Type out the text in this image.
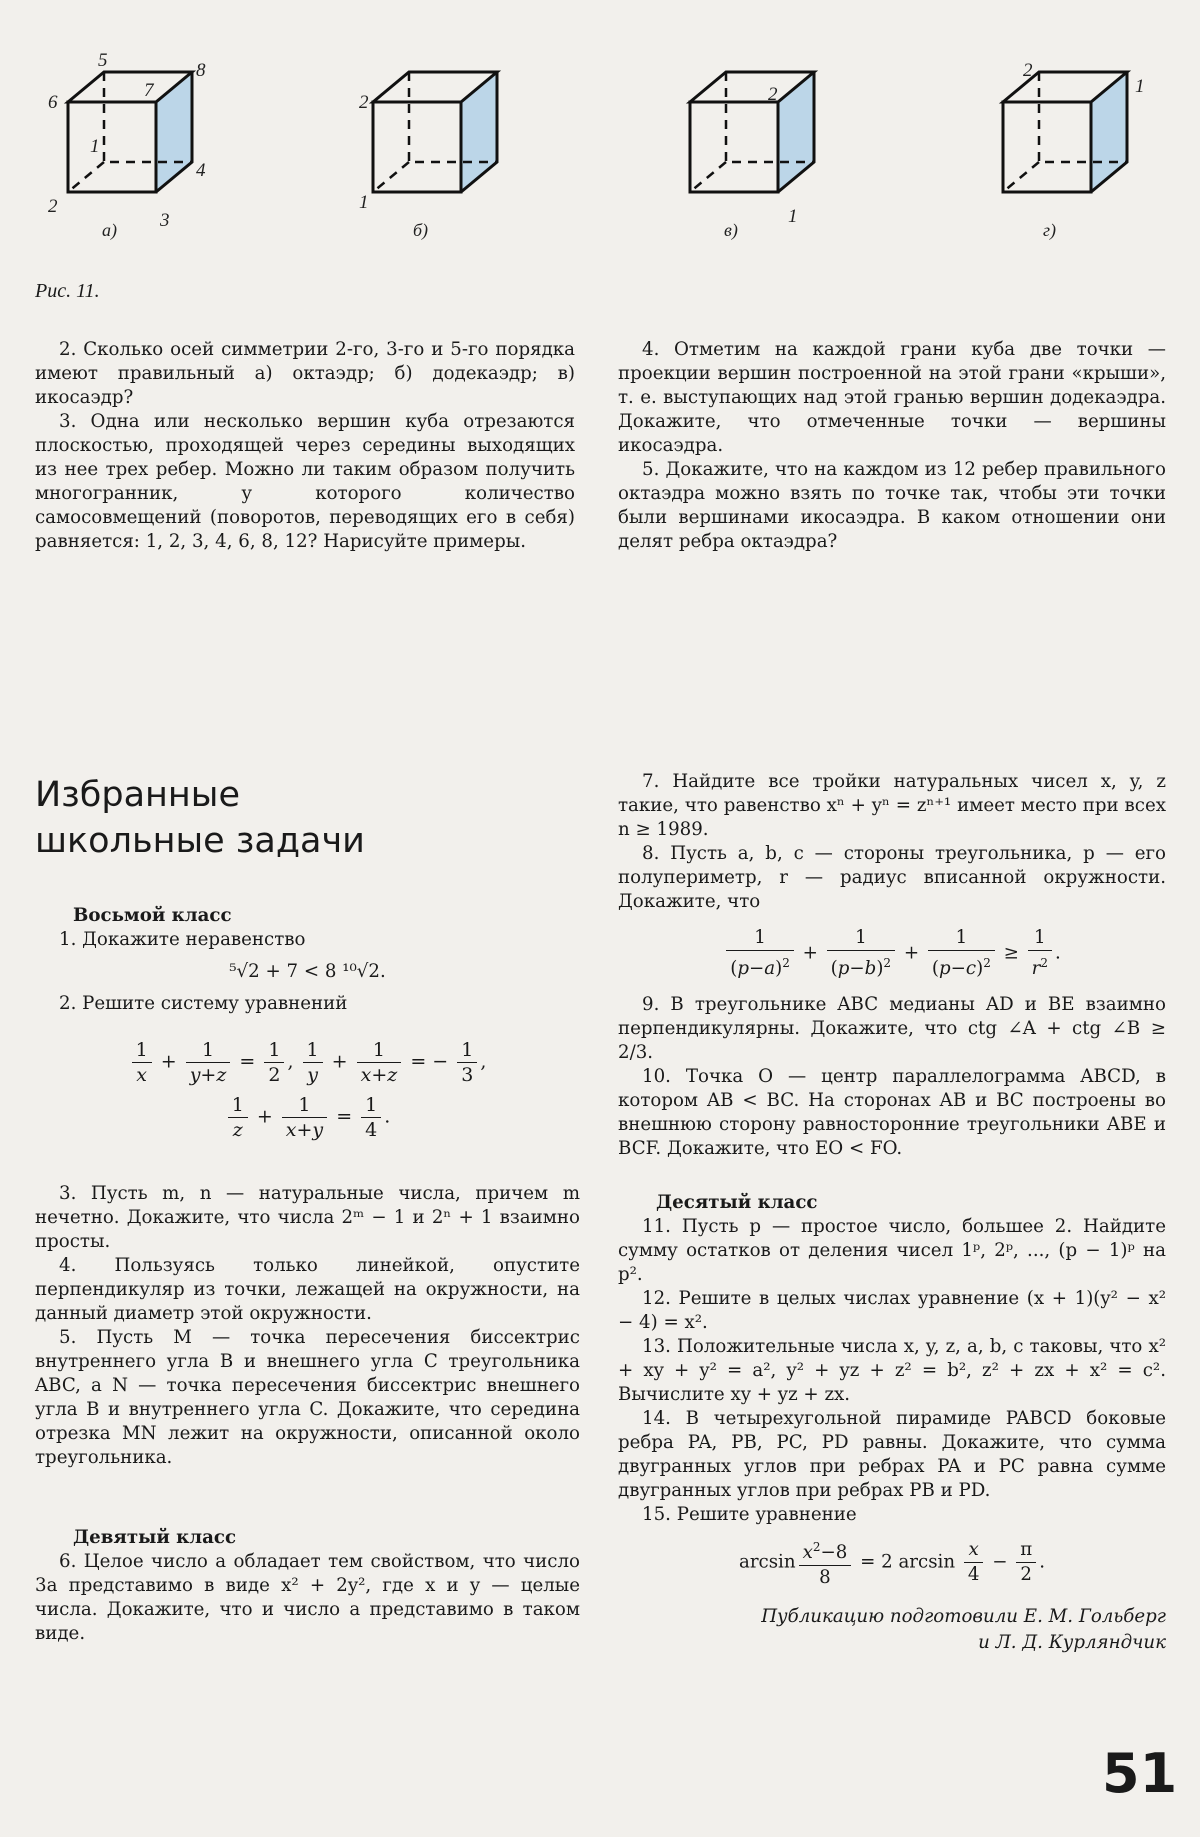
5	8
6
7
1
2
4
3
а)
2
1
б)
2
1
в)
2
1
г)
Рис. 11.

2. Сколько осей симметрии 2-го, 3-го и 5-го порядка имеют правильный а) октаэдр; б) додекаэдр; в) икосаэдр?

3. Одна или несколько вершин куба отрезаются плоскостью, проходящей через середины выходящих из нее трех ребер. Можно ли таким образом получить многогранник, у которого количество самосовмещений (поворотов, переводящих его в себя) равняется: 1, 2, 3, 4, 6, 8, 12? Нарисуйте примеры.

4. Отметим на каждой грани куба две точки — проекции вершин построенной на этой грани «крыши», т. е. выступающих над этой гранью вершин додекаэдра. Докажите, что отмеченные точки — вершины икосаэдра.

5. Докажите, что на каждом из 12 ребер правильного октаэдра можно взять по точке так, чтобы эти точки были вершинами икосаэдра. В каком отношении они делят ребра октаэдра?

Избранные
школьные задачи
Восьмой класс

1. Докажите неравенство

⁵√2 + 7 < 8 ¹⁰√2.

2. Решите систему уравнений

$\frac{1}{x} + \frac{1}{y+z} = \frac{1}{2}$ , $\frac{1}{y} + \frac{1}{x+z}$ = − $\frac{1}{3}$ ,
$\frac{1}{z} + \frac{1}{x+y} = \frac{1}{4}$ .

3. Пусть m, n — натуральные числа, причем m нечетно. Докажите, что числа 2ᵐ − 1 и 2ⁿ + 1 взаимно просты.

4. Пользуясь только линейкой, опустите перпендикуляр из точки, лежащей на окружности, на данный диаметр этой окружности.

5. Пусть M — точка пересечения биссектрис внутреннего угла B и внешнего угла C треугольника ABC, а N — точка пересечения биссектрис внешнего угла B и внутреннего угла C. Докажите, что середина отрезка MN лежит на окружности, описанной около треугольника.

Девятый класс

6. Целое число a обладает тем свойством, что число 3a представимо в виде x² + 2y², где x и y — целые числа. Докажите, что и число a представимо в таком виде.

7. Найдите все тройки натуральных чисел x, y, z такие, что равенство xⁿ + yⁿ = zⁿ⁺¹ имеет место при всех n ≥ 1989.

8. Пусть a, b, c — стороны треугольника, p — его полупериметр, r — радиус вписанной окружности. Докажите, что

$\frac{1}{(p-a)^2} + \frac{1}{(p-b)^2} + \frac{1}{(p-c)^2} \ge \frac{1}{r^2}$ .

9. В треугольнике ABC медианы AD и BE взаимно перпендикулярны. Докажите, что ctg ∠A + ctg ∠B ≥ 2/3.

10. Точка O — центр параллелограмма ABCD, в котором AB < BC. На сторонах AB и BC построены во внешнюю сторону равносторонние треугольники ABE и BCF. Докажите, что EO < FO.

Десятый класс

11. Пусть p — простое число, большее 2. Найдите сумму остатков от деления чисел 1ᵖ, 2ᵖ, ..., (p − 1)ᵖ на p².

12. Решите в целых числах уравнение (x + 1)(y² − x² − 4) = x².

13. Положительные числа x, y, z, a, b, c таковы, что x² + xy + y² = a², y² + yz + z² = b², z² + zx + x² = c². Вычислите xy + yz + zx.

14. В четырехугольной пирамиде PABCD боковые ребра PA, PB, PC, PD равны. Докажите, что сумма двугранных углов при ребрах PA и PC равна сумме двугранных углов при ребрах PB и PD.

15. Решите уравнение

$\arcsin \frac{x^2-8}{8} = 2$ $\arcsin \frac{x}{4} - \frac{\pi}{2}$ .
Публикацию подготовили Е. М. Гольберг
и Л. Д. Курляндчик
51
